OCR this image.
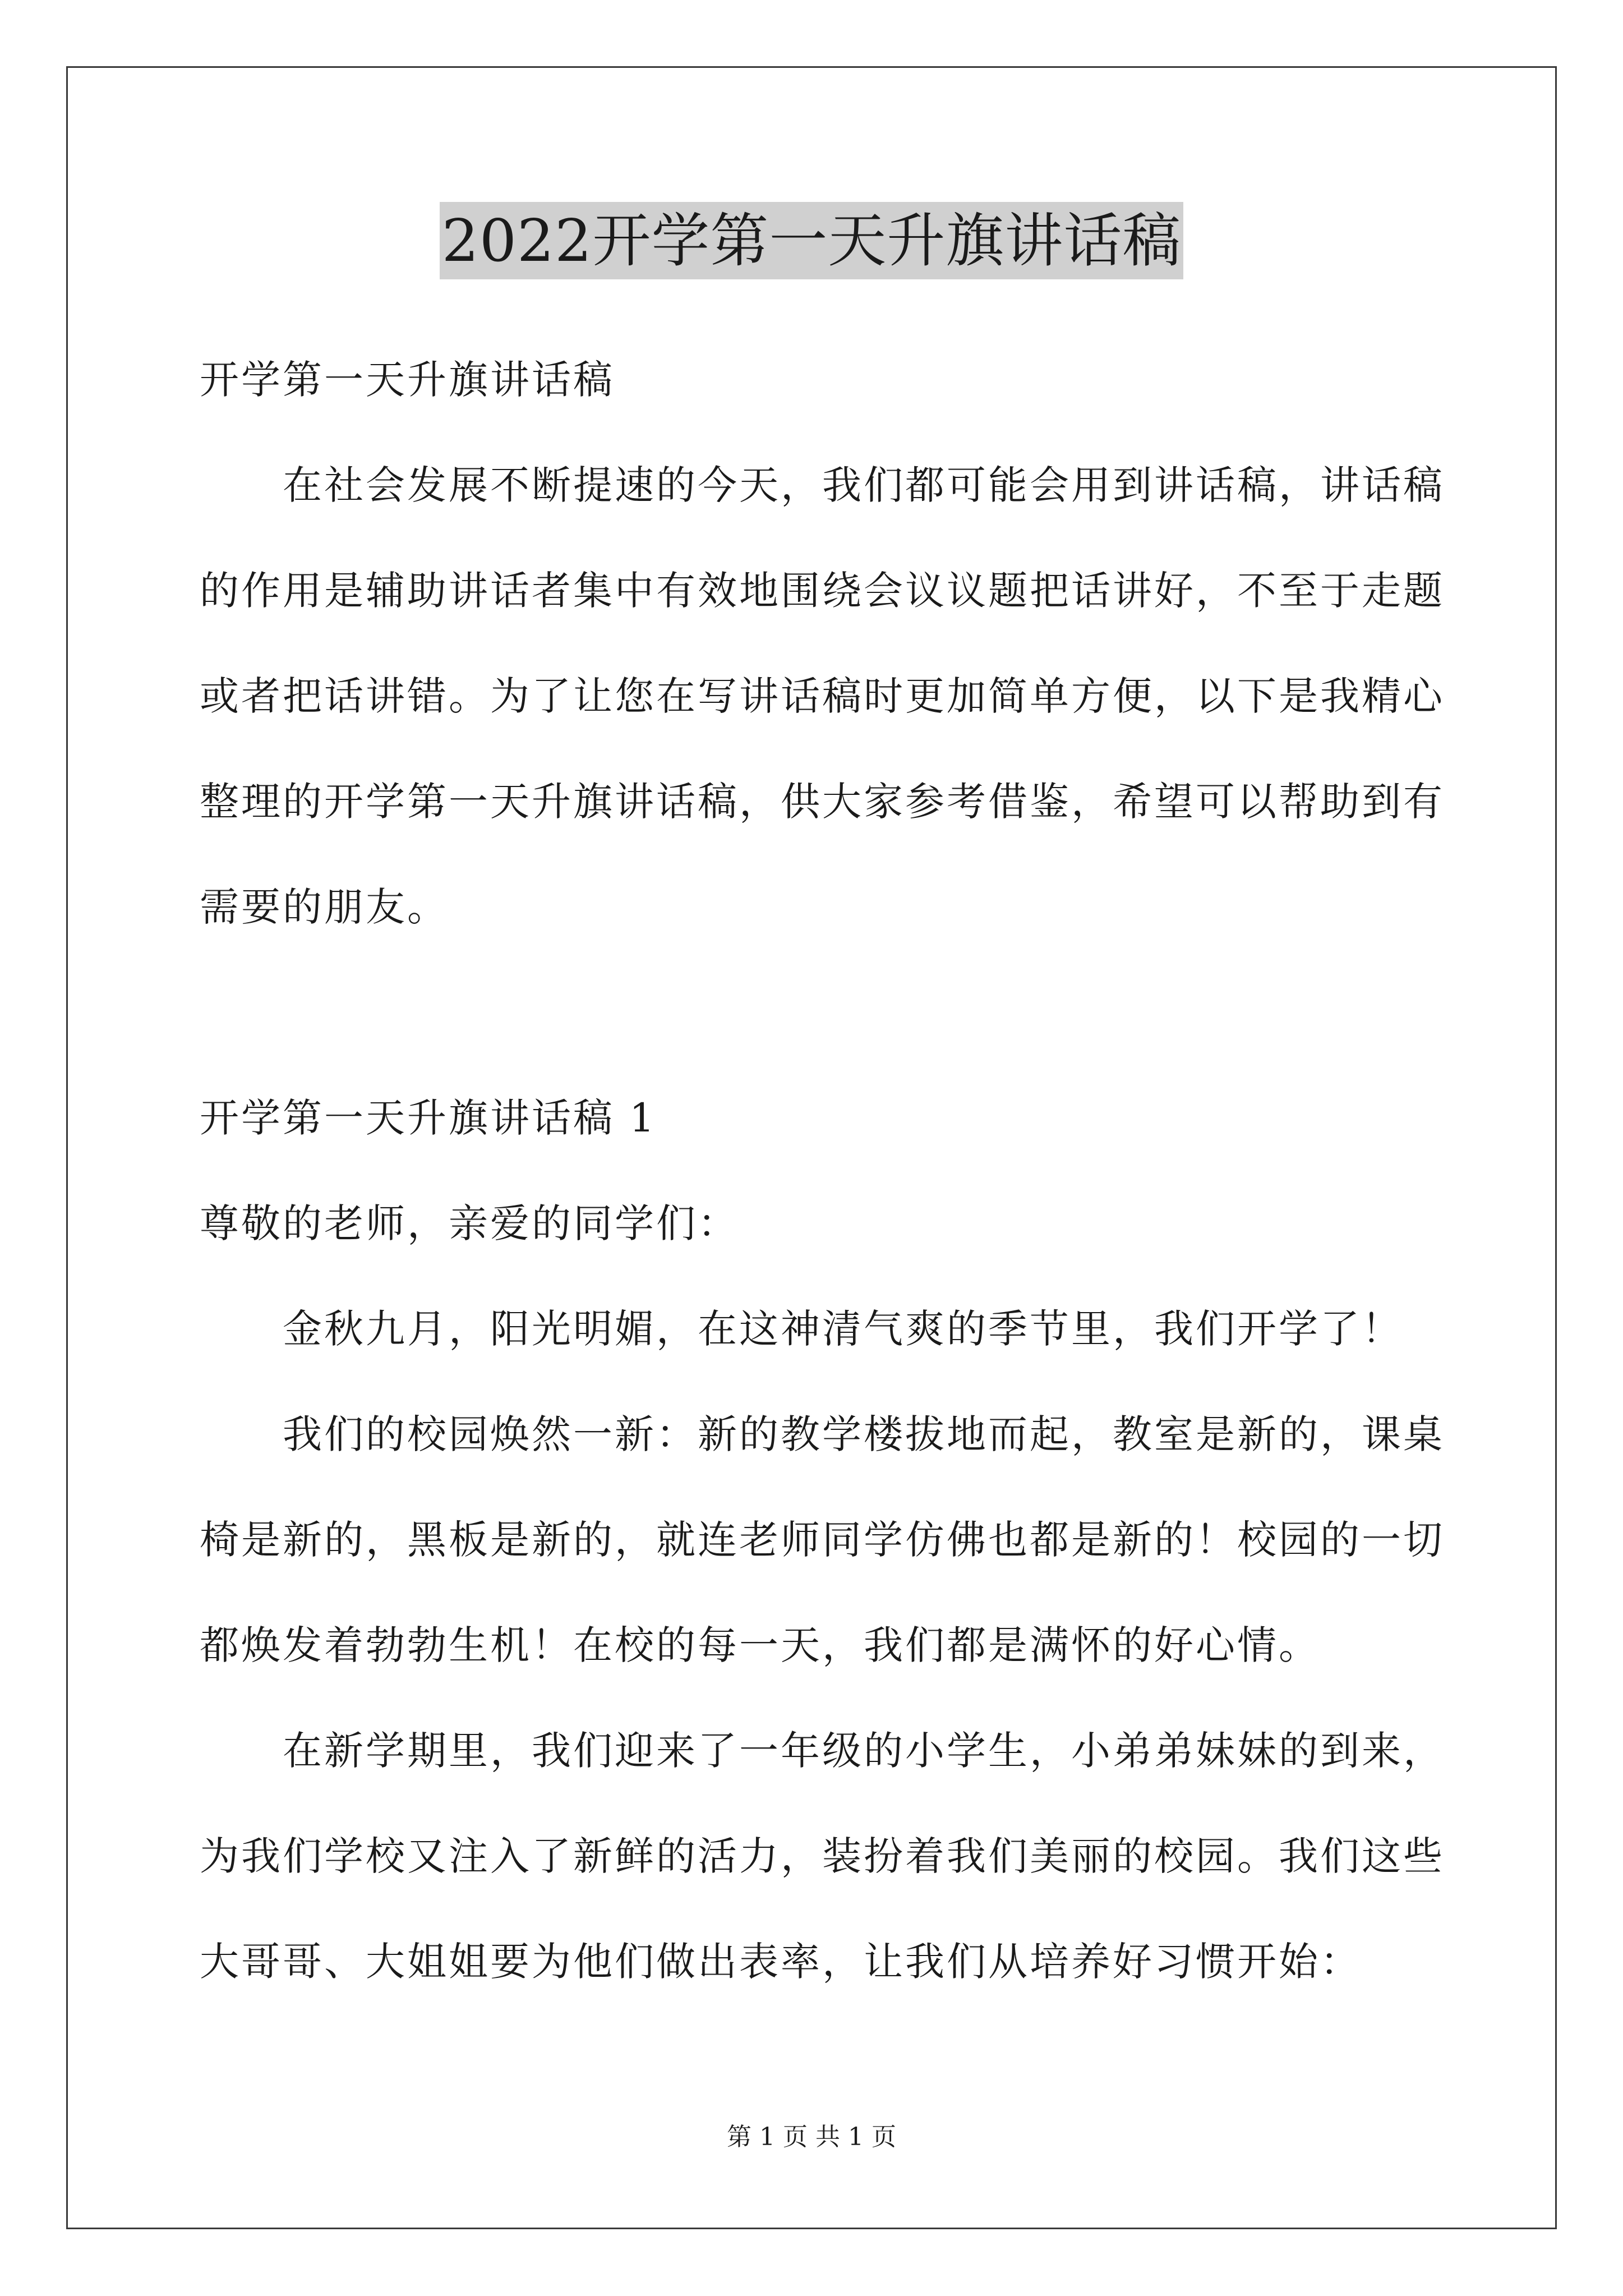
2022开学第一天升旗讲话稿
开学第一天升旗讲话稿
在社会发展不断提速的今天，我们都可能会用到讲话稿，讲话稿
的作用是辅助讲话者集中有效地围绕会议议题把话讲好，不至于走题
或者把话讲错。为了让您在写讲话稿时更加简单方便，以下是我精心
整理的开学第一天升旗讲话稿，供大家参考借鉴，希望可以帮助到有
需要的朋友。
开学第一天升旗讲话稿 1
尊敬的老师，亲爱的同学们：
金秋九月，阳光明媚，在这神清气爽的季节里，我们开学了！
我们的校园焕然一新：新的教学楼拔地而起，教室是新的，课桌
椅是新的，黑板是新的，就连老师同学仿佛也都是新的！校园的一切
都焕发着勃勃生机！在校的每一天，我们都是满怀的好心情。
在新学期里，我们迎来了一年级的小学生，小弟弟妹妹的到来，
为我们学校又注入了新鲜的活力，装扮着我们美丽的校园。我们这些
大哥哥、大姐姐要为他们做出表率，让我们从培养好习惯开始：
第 1 页 共 1 页
